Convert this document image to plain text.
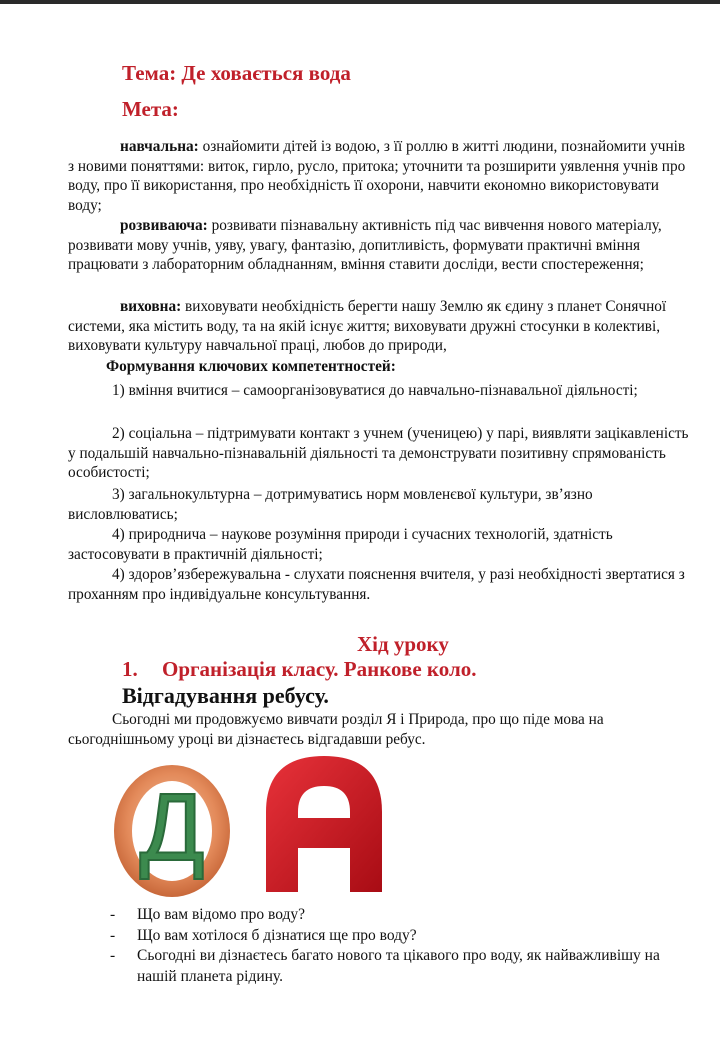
Тема: Де ховається вода
Мета:

навчальна: ознайомити дітей із водою, з її роллю в житті людини, познайомити учнів з новими поняттями: виток, гирло, русло, притока; уточнити та розширити уявлення учнів про воду, про її використання, про необхідність її охорони, навчити економно використовувати воду;

розвиваюча: розвивати пізнавальну активність під час вивчення нового матеріалу, розвивати мову учнів, уяву, увагу, фантазію, допитливість, формувати практичні вміння працювати з лабораторним обладнанням, вміння ставити досліди, вести спостереження;

виховна: виховувати необхідність берегти нашу Землю як єдину з планет Сонячної системи, яка містить воду, та на якій існує життя; виховувати дружні стосунки в колективі, виховувати культуру навчальної праці, любов до природи,

Формування ключових компетентностей:

1) вміння вчитися – самоорганізовуватися до навчально-пізнавальної діяльності;

2) соціальна – підтримувати контакт з учнем (ученицею) у парі, виявляти зацікавленість у подальшій навчально-пізнавальній діяльності та демонструвати позитивну спрямованість особистості;

3) загальнокультурна – дотримуватись норм мовленєвої культури, зв’язно висловлюватись;

4) природнича – наукове розуміння природи і сучасних технологій, здатність застосовувати в практичній діяльності;

4) здоров’язбережувальна - слухати пояснення вчителя, у разі необхідності звертатися з проханням про індивідуальне консультування.

Хід уроку
1. Організація класу. Ранкове коло.
Відгадування ребусу.

Сьогодні ми продовжуємо вивчати розділ Я і Природа, про що піде мова на сьогоднішньому уроці ви дізнаєтесь відгадавши ребус.

Д
- Що вам відомо про воду?
- Що вам хотілося б дізнатися ще про воду?
- Сьогодні ви дізнаєтесь багато нового та цікавого про воду, як найважливішу на нашій планета рідину.
